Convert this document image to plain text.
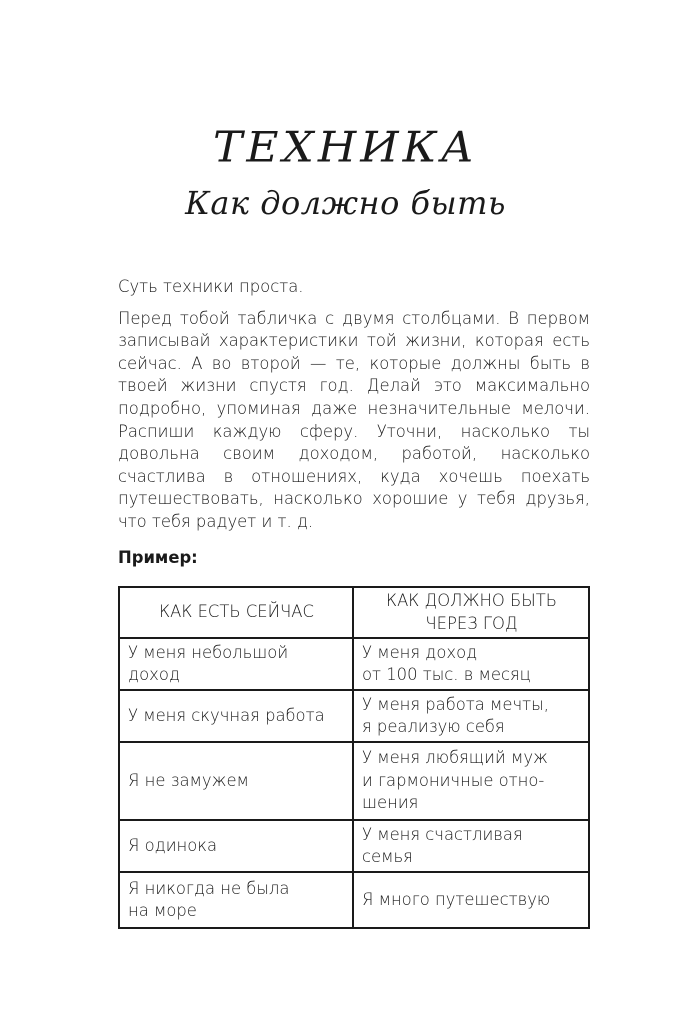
ТЕХНИКА
Как должно быть

Суть техники проста.

Перед тобой табличка с двумя столбцами. В первом записывай характеристики той жизни, которая есть сейчас. А во второй — те, которые должны быть в твоей жизни спустя год. Делай это максимально подробно, упоминая даже незначительные мелочи. Распиши каждую сферу. Уточни, насколько ты довольна своим доходом, работой, насколько счастлива в отношениях, куда хочешь поехать путешествовать, насколько хорошие у тебя друзья, что тебя радует и т. д.

Пример:
КАК ЕСТЬ СЕЙЧАС	КАК ДОЛЖНО БЫТЬ
ЧЕРЕЗ ГОД

У меня небольшой
доход	У меня доход
от 100 тыс. в месяц

У меня скучная работа	У меня работа мечты,
я реализую себя

Я не замужем	У меня любящий муж
и гармоничные отно-
шения

Я одинока	У меня счастливая
семья

Я никогда не была
на море	Я много путешествую
